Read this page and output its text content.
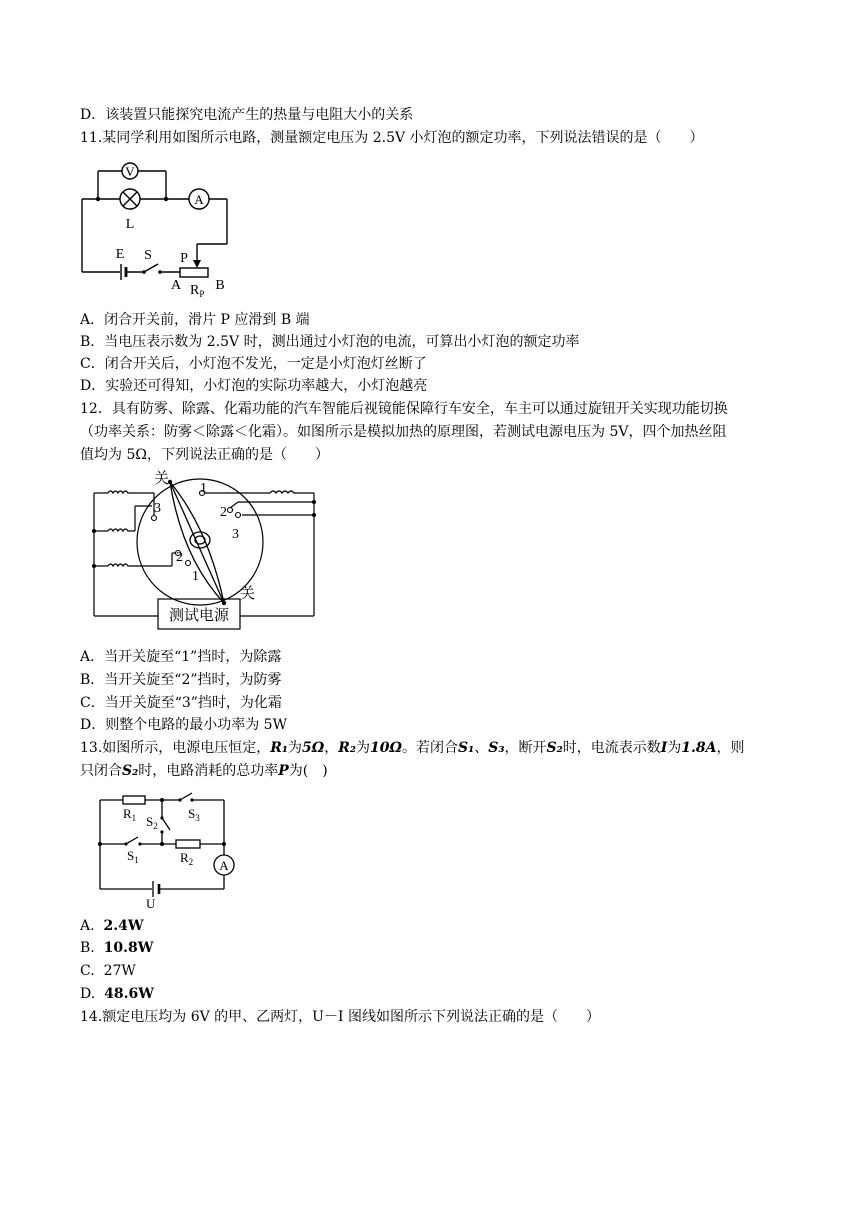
D．该装置只能探究电流产生的热量与电阻大小的关系
11.某同学利用如图所示电路，测量额定电压为 2.5V 小灯泡的额定功率，下列说法错误的是（　　）
V
L
A
E S P
A B
$R_P$
A．闭合开关前，滑片 P 应滑到 B 端
B．当电压表示数为 2.5V 时，测出通过小灯泡的电流，可算出小灯泡的额定功率
C．闭合开关后，小灯泡不发光，一定是小灯泡灯丝断了
D．实验还可得知，小灯泡的实际功率越大，小灯泡越亮
12．具有防雾、除露、化霜功能的汽车智能后视镜能保障行车安全，车主可以通过旋钮开关实现功能切换
（功率关系：防雾＜除露＜化霜）。如图所示是模拟加热的原理图，若测试电源电压为 5V，四个加热丝阻
值均为 5Ω，下列说法正确的是（　　）
关
关
3
1
2
3
2
1
测试电源
A．当开关旋至“1”挡时，为除露
B．当开关旋至“2”挡时，为防雾
C．当开关旋至“3”挡时，为化霜
D．则整个电路的最小功率为 5W
13.如图所示，电源电压恒定，R₁为5Ω，R₂为10Ω。若闭合S₁、S₃，断开S₂时，电流表示数I为1.8A，则
只闭合S₂时，电路消耗的总功率P为(　)
A
$R_1$ $S_2$
$S_3$
$S_1$	$R_2$
U
A. 2.4W
B. 10.8W
C. 27W
D. 48.6W
14.额定电压均为 6V 的甲、乙两灯，U－I 图线如图所示下列说法正确的是（　　）
